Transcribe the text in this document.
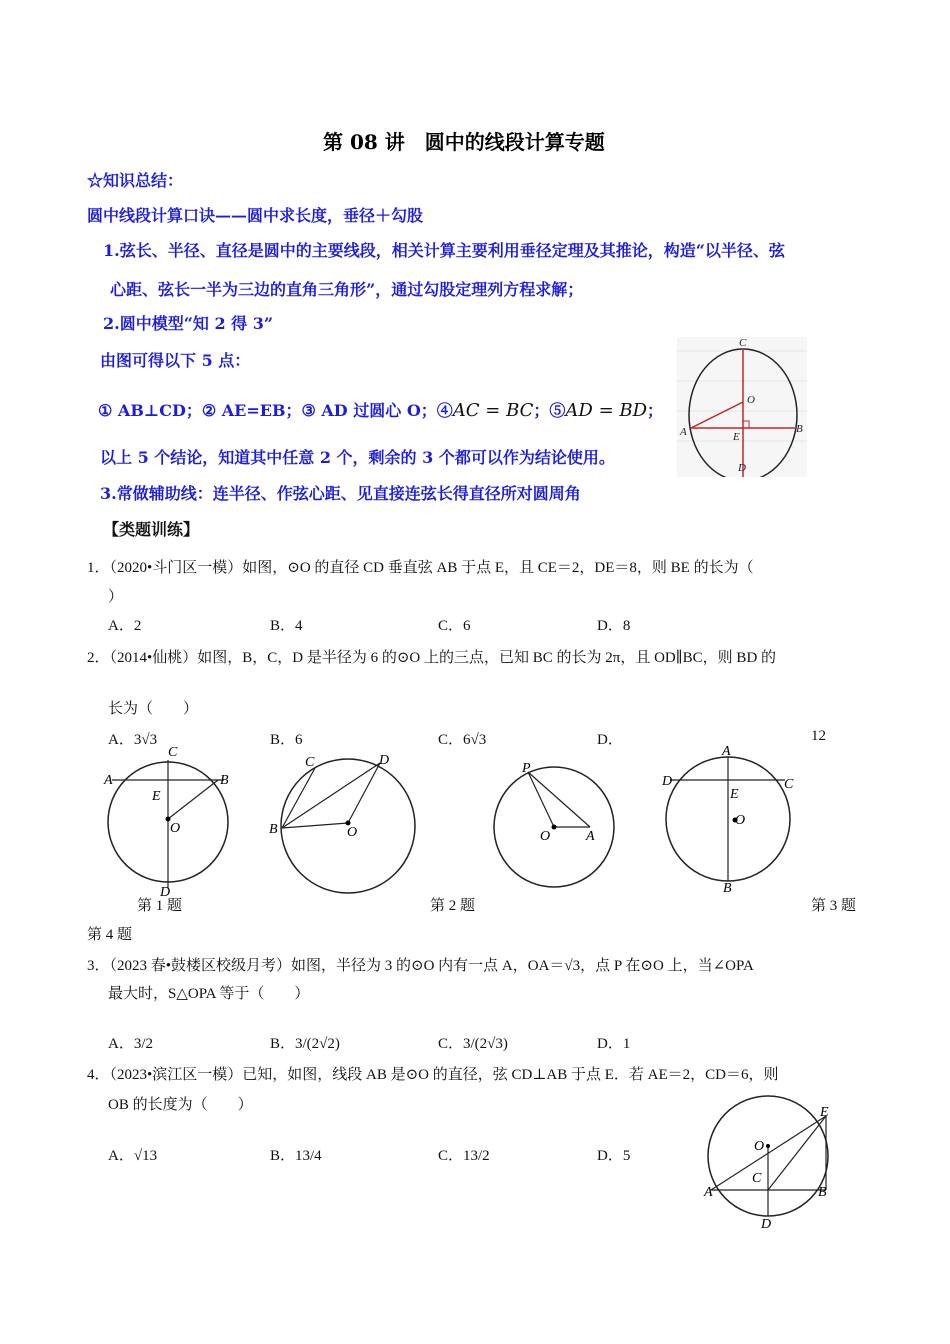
第 08 讲　圆中的线段计算专题
☆知识总结：
圆中线段计算口诀——圆中求长度，垂径＋勾股
1.弦长、半径、直径是圆中的主要线段，相关计算主要利用垂径定理及其推论，构造“以半径、弦
心距、弦长一半为三边的直角三角形”，通过勾股定理列方程求解；
2.圆中模型“知 2 得 3”
由图可得以下 5 点：
① AB⊥CD；② AE=EB；③ AD 过圆心 O；④AC = BC；⑤AD = BD；
以上 5 个结论，知道其中任意 2 个，剩余的 3 个都可以作为结论使用。
3.常做辅助线：连半径、作弦心距、见直接连弦长得直径所对圆周角
C
O
A	E
B
D
【类题训练】
1．（2020•斗门区一模）如图，⊙O 的直径 CD 垂直弦 AB 于点 E，且 CE＝2，DE＝8，则 BE 的长为（
）
A．2	B．4	C．6	D．8
2．（2014•仙桃）如图，B，C，D 是半径为 6 的⊙O 上的三点，已知 BC 的长为 2π，且 OD∥BC，则 BD 的
长为（　　）
A．3√3	B．6	C．6√3	D．	12
A	B
E
O
C
D
C	D
B	O
P
O	A
A
D	C
E
O
B
第 1 题	第 2 题	第 3 题
第 4 题
3．（2023 春•鼓楼区校级月考）如图，半径为 3 的⊙O 内有一点 A，OA＝√3，点 P 在⊙O 上，当∠OPA
最大时，S△OPA 等于（　　）
A．3/2	B．3/(2√2)	C．3/(2√3)	D．1
4．（2023•滨江区一模）已知，如图，线段 AB 是⊙O 的直径，弦 CD⊥AB 于点 E．若 AE＝2，CD＝6，则
OB 的长度为（　　）
A．√13	B．13/4	C．13/2	D．5
E
O
C
A	B
D
